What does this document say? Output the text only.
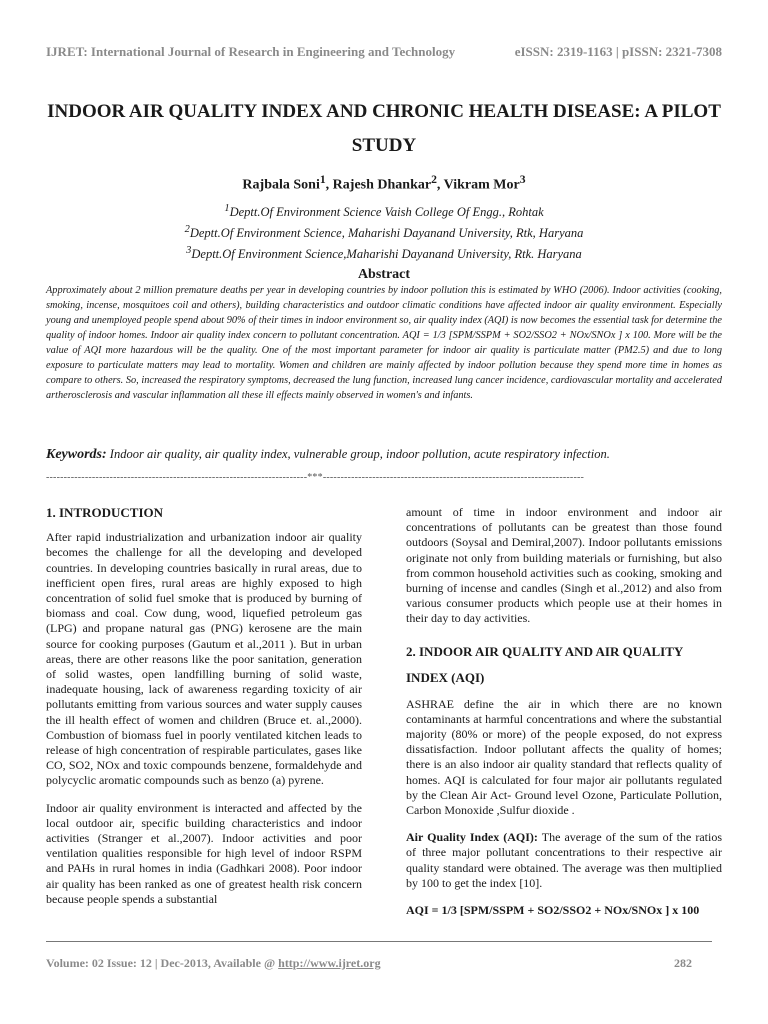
IJRET: International Journal of Research in Engineering and Technology	eISSN: 2319-1163 | pISSN: 2321-7308
INDOOR AIR QUALITY INDEX AND CHRONIC HEALTH DISEASE: A PILOT STUDY
Rajbala Soni$^1$, Rajesh Dhankar$^2$, Vikram Mor$^3$
$^1$Deptt.Of Environment Science Vaish College Of Engg., Rohtak
$^2$Deptt.Of Environment Science, Maharishi Dayanand University, Rtk, Haryana
$^3$Deptt.Of Environment Science,Maharishi Dayanand University, Rtk. Haryana
Abstract
Approximately about 2 million premature deaths per year in developing countries by indoor pollution this is estimated by WHO (2006). Indoor activities (cooking, smoking, incense, mosquitoes coil and others), building characteristics and outdoor climatic conditions have affected indoor air quality environment. Especially young and unemployed people spend about 90% of their times in indoor environment so, air quality index (AQI) is now becomes the essential task for determine the quality of indoor homes. Indoor air quality index concern to pollutant concentration. AQI = 1/3 [SPM/SSPM + SO2/SSO2 + NOx/SNOx ] x 100. More will be the value of AQI more hazardous will be the quality. One of the most important parameter for indoor air quality is particulate matter (PM2.5) and due to long exposure to particulate matters may lead to mortality. Women and children are mainly affected by indoor pollution because they spend more time in homes as compare to others. So, increased the respiratory symptoms, decreased the lung function, increased lung cancer incidence, cardiovascular mortality and accelerated artherosclerosis and vascular inflammation all these ill effects mainly observed in women's and infants.
Keywords: Indoor air quality, air quality index, vulnerable group, indoor pollution, acute respiratory infection.
--------------------------------------------------------------------------***--------------------------------------------------------------------------
1. INTRODUCTION

After rapid industrialization and urbanization indoor air quality becomes the challenge for all the developing and developed countries. In developing countries basically in rural areas, due to inefficient open fires, rural areas are highly exposed to high concentration of solid fuel smoke that is produced by burning of biomass and coal. Cow dung, wood, liquefied petroleum gas (LPG) and propane natural gas (PNG) kerosene are the main source for cooking purposes (Gautum et al.,2011 ). But in urban areas, there are other reasons like the poor sanitation, generation of solid wastes, open landfilling burning of solid waste, inadequate housing, lack of awareness regarding toxicity of air pollutants emitting from various sources and water supply causes the ill health effect of women and children (Bruce et. al.,2000). Combustion of biomass fuel in poorly ventilated kitchen leads to release of high concentration of respirable particulates, gases like CO, SO2, NOx and toxic compounds benzene, formaldehyde and polycyclic aromatic compounds such as benzo (a) pyrene.

Indoor air quality environment is interacted and affected by the local outdoor air, specific building characteristics and indoor activities (Stranger et al.,2007). Indoor activities and poor ventilation qualities responsible for high level of indoor RSPM and PAHs in rural homes in india (Gadhkari 2008). Poor indoor air quality has been ranked as one of greatest health risk concern because people spends a substantial

amount of time in indoor environment and indoor air concentrations of pollutants can be greatest than those found outdoors (Soysal and Demiral,2007). Indoor pollutants emissions originate not only from building materials or furnishing, but also from common household activities such as cooking, smoking and burning of incense and candles (Singh et al.,2012) and also from various consumer products which people use at their homes in their day to day activities.

2. INDOOR AIR QUALITY AND AIR QUALITY INDEX (AQI)

ASHRAE define the air in which there are no known contaminants at harmful concentrations and where the substantial majority (80% or more) of the people exposed, do not express dissatisfaction. Indoor pollutant affects the quality of homes; there is an also indoor air quality standard that reflects quality of homes. AQI is calculated for four major air pollutants regulated by the Clean Air Act- Ground level Ozone, Particulate Pollution, Carbon Monoxide ,Sulfur dioxide .

Air Quality Index (AQI): The average of the sum of the ratios of three major pollutant concentrations to their respective air quality standard were obtained. The average was then multiplied by 100 to get the index [10].

AQI = 1/3 [SPM/SSPM + SO2/SSO2 + NOx/SNOx ] x 100
Volume: 02 Issue: 12 | Dec-2013, Available @ http://www.ijret.org	282
